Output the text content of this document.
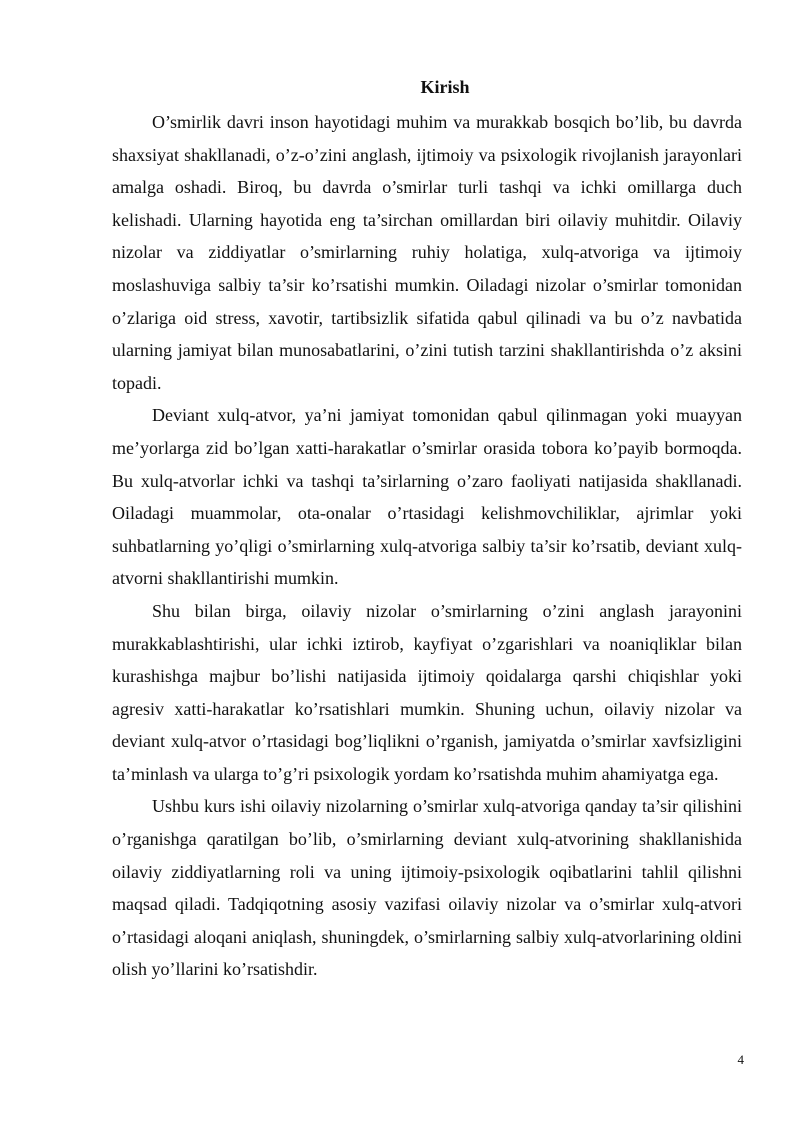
Kirish

O’smirlik davri inson hayotidagi muhim va murakkab bosqich bo’lib, bu davrda shaxsiyat shakllanadi, o’z-o’zini anglash, ijtimoiy va psixologik rivojlanish jarayonlari amalga oshadi. Biroq, bu davrda o’smirlar turli tashqi va ichki omillarga duch kelishadi. Ularning hayotida eng ta’sirchan omillardan biri oilaviy muhitdir. Oilaviy nizolar va ziddiyatlar o’smirlarning ruhiy holatiga, xulq-atvoriga va ijtimoiy moslashuviga salbiy ta’sir ko’rsatishi mumkin. Oiladagi nizolar o’smirlar tomonidan o’zlariga oid stress, xavotir, tartibsizlik sifatida qabul qilinadi va bu o’z navbatida ularning jamiyat bilan munosabatlarini, o’zini tutish tarzini shakllantirishda o’z aksini topadi.

Deviant xulq-atvor, ya’ni jamiyat tomonidan qabul qilinmagan yoki muayyan me’yorlarga zid bo’lgan xatti-harakatlar o’smirlar orasida tobora ko’payib bormoqda. Bu xulq-atvorlar ichki va tashqi ta’sirlarning o’zaro faoliyati natijasida shakllanadi. Oiladagi muammolar, ota-onalar o’rtasidagi kelishmovchiliklar, ajrimlar yoki suhbatlarning yo’qligi o’smirlarning xulq-atvoriga salbiy ta’sir ko’rsatib, deviant xulq-atvorni shakllantirishi mumkin.

Shu bilan birga, oilaviy nizolar o’smirlarning o’zini anglash jarayonini murakkablashtirishi, ular ichki iztirob, kayfiyat o’zgarishlari va noaniqliklar bilan kurashishga majbur bo’lishi natijasida ijtimoiy qoidalarga qarshi chiqishlar yoki agresiv xatti-harakatlar ko’rsatishlari mumkin. Shuning uchun, oilaviy nizolar va deviant xulq-atvor o’rtasidagi bog’liqlikni o’rganish, jamiyatda o’smirlar xavfsizligini ta’minlash va ularga to’g’ri psixologik yordam ko’rsatishda muhim ahamiyatga ega.

Ushbu kurs ishi oilaviy nizolarning o’smirlar xulq-atvoriga qanday ta’sir qilishini o’rganishga qaratilgan bo’lib, o’smirlarning deviant xulq-atvorining shakllanishida oilaviy ziddiyatlarning roli va uning ijtimoiy-psixologik oqibatlarini tahlil qilishni maqsad qiladi. Tadqiqotning asosiy vazifasi oilaviy nizolar va o’smirlar xulq-atvori o’rtasidagi aloqani aniqlash, shuningdek, o’smirlarning salbiy xulq-atvorlarining oldini olish yo’llarini ko’rsatishdir.

4
